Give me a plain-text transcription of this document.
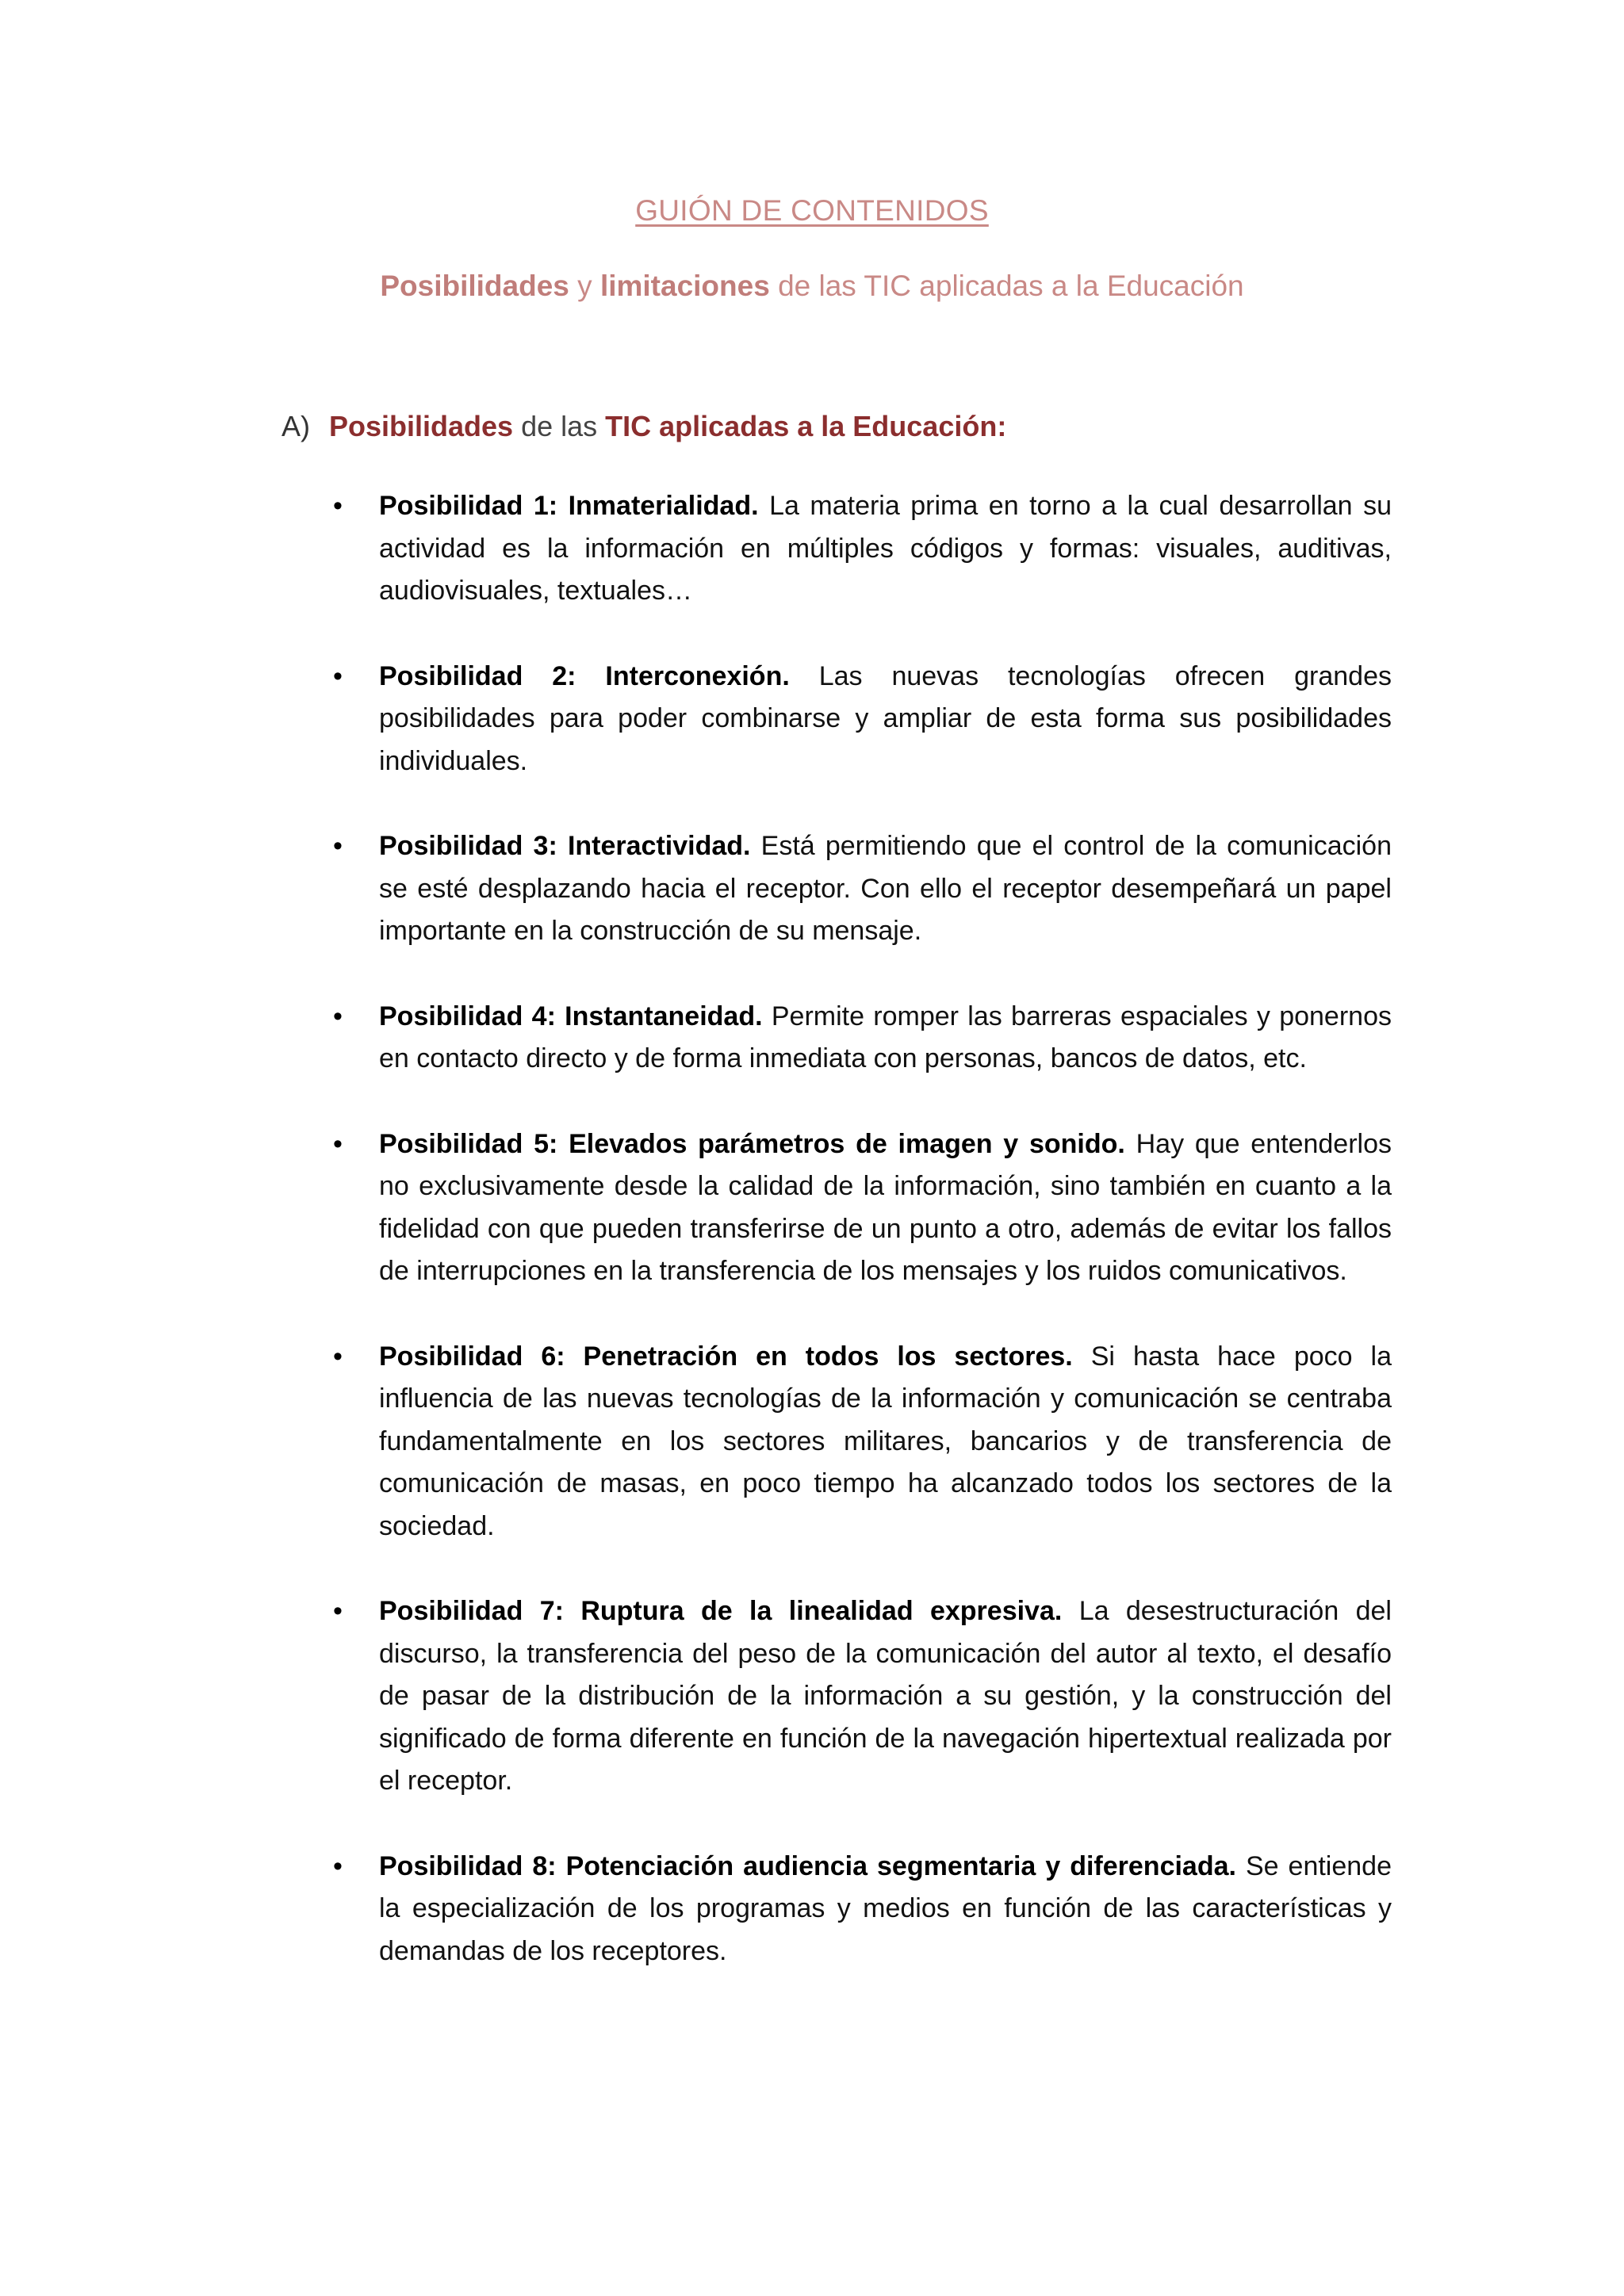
GUIÓN DE CONTENIDOS
Posibilidades y limitaciones de las TIC aplicadas a la Educación
A) Posibilidades de las TIC aplicadas a la Educación:
• Posibilidad 1: Inmaterialidad. La materia prima en torno a la cual desarrollan su actividad es la información en múltiples códigos y formas: visuales, auditivas, audiovisuales, textuales…
• Posibilidad 2: Interconexión. Las nuevas tecnologías ofrecen grandes posibilidades para poder combinarse y ampliar de esta forma sus posibilidades individuales.
• Posibilidad 3: Interactividad. Está permitiendo que el control de la comunicación se esté desplazando hacia el receptor. Con ello el receptor desempeñará un papel importante en la construcción de su mensaje.
• Posibilidad 4: Instantaneidad. Permite romper las barreras espaciales y ponernos en contacto directo y de forma inmediata con personas, bancos de datos, etc.
• Posibilidad 5: Elevados parámetros de imagen y sonido. Hay que entenderlos no exclusivamente desde la calidad de la información, sino también en cuanto a la fidelidad con que pueden transferirse de un punto a otro, además de evitar los fallos de interrupciones en la transferencia de los mensajes y los ruidos comunicativos.
• Posibilidad 6: Penetración en todos los sectores. Si hasta hace poco la influencia de las nuevas tecnologías de la información y comunicación se centraba fundamentalmente en los sectores militares, bancarios y de transferencia de comunicación de masas, en poco tiempo ha alcanzado todos los sectores de la sociedad.
• Posibilidad 7: Ruptura de la linealidad expresiva. La desestructuración del discurso, la transferencia del peso de la comunicación del autor al texto, el desafío de pasar de la distribución de la información a su gestión, y la construcción del significado de forma diferente en función de la navegación hipertextual realizada por el receptor.
• Posibilidad 8: Potenciación audiencia segmentaria y diferenciada. Se entiende la especialización de los programas y medios en función de las características y demandas de los receptores.
